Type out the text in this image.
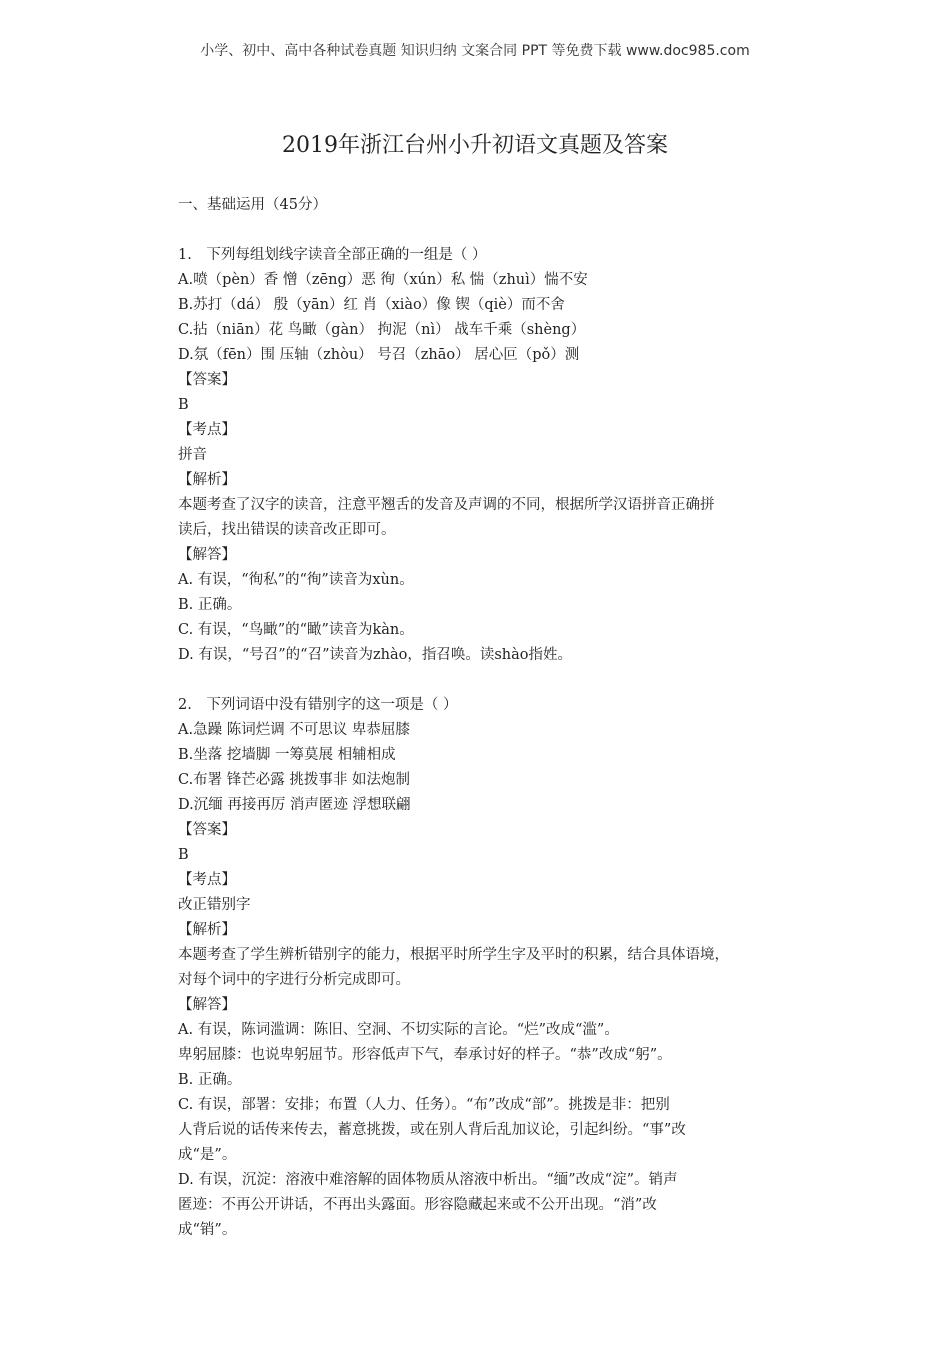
小学、初中、高中各种试卷真题 知识归纳 文案合同 PPT 等免费下载 www.doc985.com
2019年浙江台州小升初语文真题及答案
一、基础运用（45分）
1.　下列每组划线字读音全部正确的一组是（ ）
A.喷（pèn）香 憎（zēng）恶 徇（xún）私 惴（zhuì）惴不安
B.苏打（dá） 殷（yān）红 肖（xiào）像 锲（qiè）而不舍
C.拈（niān）花 鸟瞰（gàn） 拘泥（nì） 战车千乘（shèng）
D.氛（fēn）围 压轴（zhòu） 号召（zhāo） 居心叵（pǒ）测
【答案】
B
【考点】
拼音
【解析】
本题考查了汉字的读音，注意平翘舌的发音及声调的不同，根据所学汉语拼音正确拼
读后，找出错误的读音改正即可。
【解答】
A. 有误，“徇私”的“徇”读音为xùn。
B. 正确。
C. 有误，“鸟瞰”的“瞰”读音为kàn。
D. 有误，“号召”的“召”读音为zhào，指召唤。读shào指姓。
2.　下列词语中没有错别字的这一项是（ ）
A.急躁 陈词烂调 不可思议 卑恭屈膝
B.坐落 挖墙脚 一筹莫展 相辅相成
C.布署 锋芒必露 挑拨事非 如法炮制
D.沉缅 再接再厉 消声匿迹 浮想联翩
【答案】
B
【考点】
改正错别字
【解析】
本题考查了学生辨析错别字的能力，根据平时所学生字及平时的积累，结合具体语境，
对每个词中的字进行分析完成即可。
【解答】
A. 有误，陈词滥调：陈旧、空洞、不切实际的言论。“烂”改成“滥”。
卑躬屈膝：也说卑躬屈节。形容低声下气，奉承讨好的样子。“恭”改成“躬”。
B. 正确。
C. 有误，部署：安排；布置（人力、任务）。“布”改成“部”。挑拨是非：把别
人背后说的话传来传去，蓄意挑拨，或在别人背后乱加议论，引起纠纷。“事”改
成“是”。
D. 有误，沉淀：溶液中难溶解的固体物质从溶液中析出。“缅”改成“淀”。销声
匿迹：不再公开讲话，不再出头露面。形容隐藏起来或不公开出现。“消”改
成“销”。
